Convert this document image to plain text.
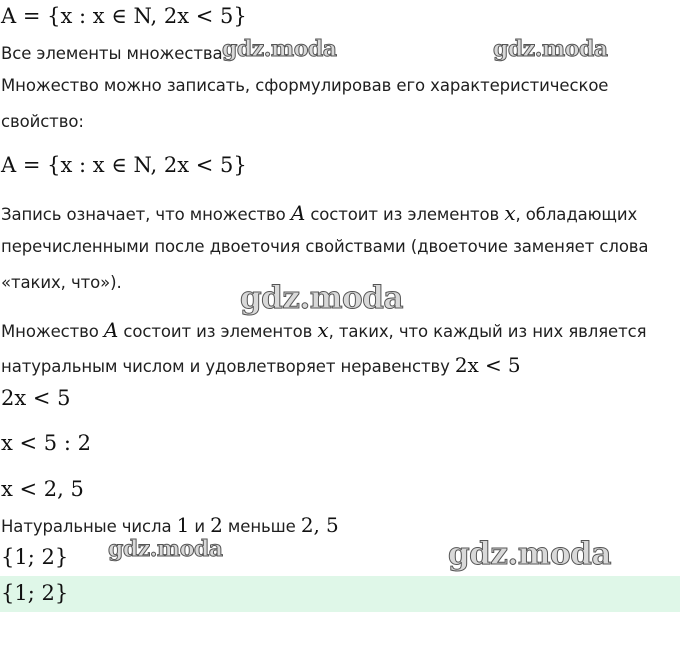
A = {x : x ∈ N, 2x < 5}
Все элементы множества
Множество можно записать, сформулировав его характеристическое
свойство:
A = {x : x ∈ N, 2x < 5}
Запись означает, что множество A состоит из элементов x, обладающих
перечисленными после двоеточия свойствами (двоеточие заменяет слова
«таких, что»).
Множество A состоит из элементов x, таких, что каждый из них является
натуральным числом и удовлетворяет неравенству 2x < 5
2x < 5
x < 5 : 2
x < 2, 5
Натуральные числа 1 и 2 меньше 2, 5
{1; 2}
{1; 2}
gdz.moda	gdz.moda
gdz.moda
gdz.moda	gdz.moda
